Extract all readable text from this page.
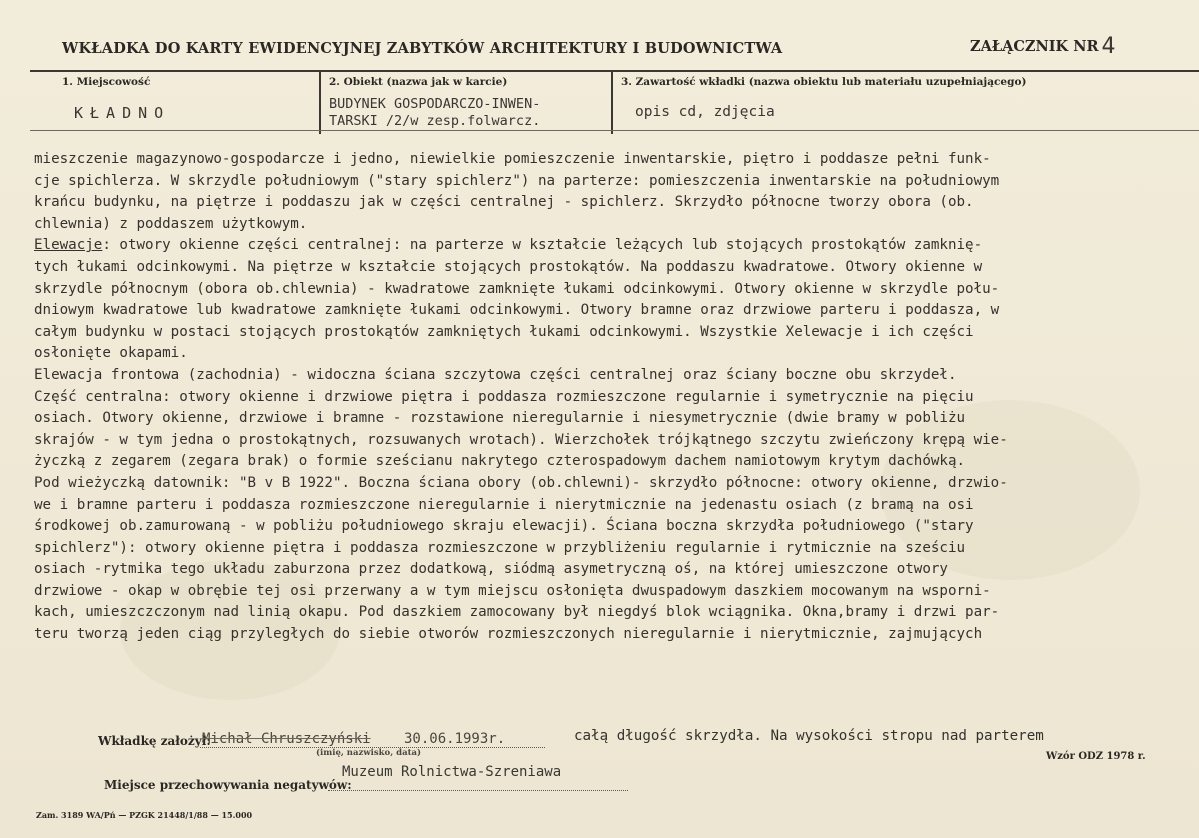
WKŁADKA DO KARTY EWIDENCYJNEJ ZABYTKÓW ARCHITEKTURY I BUDOWNICTWA	ZAŁĄCZNIK NR 4
1. Miejscowość
KŁADNO
2. Obiekt (nazwa jak w karcie)
BUDYNEK GOSPODARCZO-INWEN-
TARSKI /2/w zesp.folwarcz.
3. Zawartość wkładki (nazwa obiektu lub materiału uzupełniającego)
opis cd, zdjęcia
mieszczenie magazynowo-gospodarcze i jedno, niewielkie pomieszczenie inwentarskie, piętro i poddasze pełni funk-
cje spichlerza. W skrzydle południowym ("stary spichlerz") na parterze: pomieszczenia inwentarskie na południowym
krańcu budynku, na piętrze i poddaszu jak w części centralnej - spichlerz. Skrzydło północne tworzy obora (ob.
chlewnia) z poddaszem użytkowym.
Elewacje: otwory okienne części centralnej: na parterze w kształcie leżących lub stojących prostokątów zamknię-
tych łukami odcinkowymi. Na piętrze w kształcie stojących prostokątów. Na poddaszu kwadratowe. Otwory okienne w
skrzydle północnym (obora ob.chlewnia) - kwadratowe zamknięte łukami odcinkowymi. Otwory okienne w skrzydle połu-
dniowym kwadratowe lub kwadratowe zamknięte łukami odcinkowymi. Otwory bramne oraz drzwiowe parteru i poddasza, w
całym budynku w postaci stojących prostokątów zamkniętych łukami odcinkowymi. Wszystkie Xelewacje i ich części
osłonięte okapami.
Elewacja frontowa (zachodnia) - widoczna ściana szczytowa części centralnej oraz ściany boczne obu skrzydeł.
Część centralna: otwory okienne i drzwiowe piętra i poddasza rozmieszczone regularnie i symetrycznie na pięciu
osiach. Otwory okienne, drzwiowe i bramne - rozstawione nieregularnie i niesymetrycznie (dwie bramy w pobliżu
skrajów - w tym jedna o prostokątnych, rozsuwanych wrotach). Wierzchołek trójkątnego szczytu zwieńczony krępą wie-
życzką z zegarem (zegara brak) o formie sześcianu nakrytego czterospadowym dachem namiotowym krytym dachówką.
Pod wieżyczką datownik: "B v B 1922". Boczna ściana obory (ob.chlewni)- skrzydło północne: otwory okienne, drzwio-
we i bramne parteru i poddasza rozmieszczone nieregularnie i nierytmicznie na jedenastu osiach (z bramą na osi
środkowej ob.zamurowaną - w pobliżu południowego skraju elewacji). Ściana boczna skrzydła południowego ("stary
spichlerz"): otwory okienne piętra i poddasza rozmieszczone w przybliżeniu regularnie i rytmicznie na sześciu
osiach -rytmika tego układu zaburzona przez dodatkową, siódmą asymetryczną oś, na której umieszczone otwory
drzwiowe - okap w obrębie tej osi przerwany a w tym miejscu osłonięta dwuspadowym daszkiem mocowanym na wsporni-
kach, umieszczczonym nad linią okapu. Pod daszkiem zamocowany był niegdyś blok wciągnika. Okna,bramy i drzwi par-
teru tworzą jeden ciąg przyległych do siebie otworów rozmieszczonych nieregularnie i nierytmicznie, zajmujących
Wkładkę założył:
Michał Chruszczyński 30.06.1993r.
(imię, nazwisko, data)
całą długość skrzydła. Na wysokości stropu nad parterem
Wzór ODZ 1978 r.
Miejsce przechowywania negatywów:
Muzeum Rolnictwa-Szreniawa
Zam. 3189 WA/Pń — PZGK 21448/1/88 — 15.000
